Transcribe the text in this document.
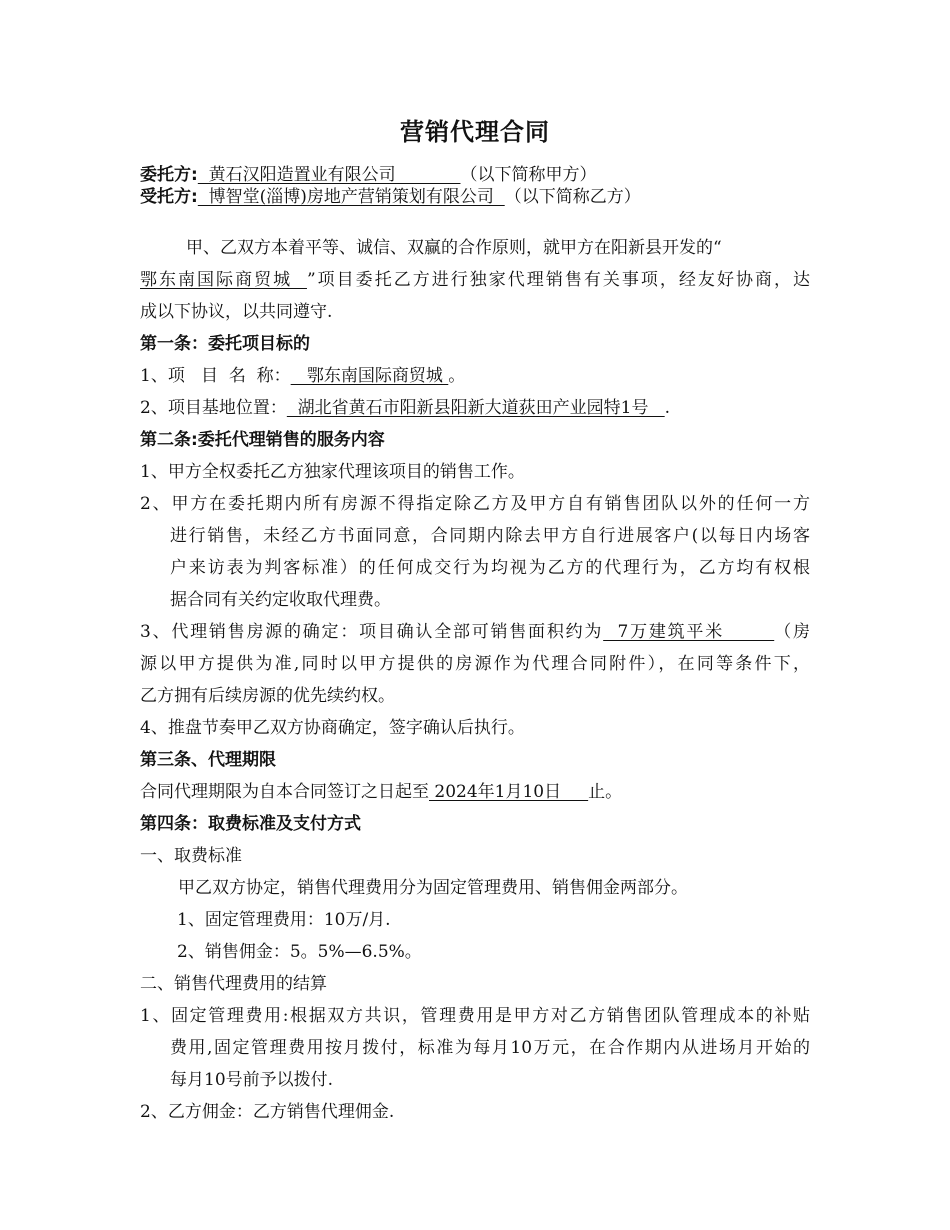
营销代理合同
委托方:  黄石汉阳造置业有限公司            （以下简称甲方）
受托方:  博智堂(淄博)房地产营销策划有限公司  （以下简称乙方）
甲、乙双方本着平等、诚信、双赢的合作原则，就甲方在阳新县开发的“
鄂东南国际商贸城  ”项目委托乙方进行独家代理销售有关事项，经友好协商，达
成以下协议，以共同遵守.
第一条：委托项目标的
1、项   目  名  称：   鄂东南国际商贸城 。
2、项目基地位置：  湖北省黄石市阳新县阳新大道荻田产业园特1号   .
第二条:委托代理销售的服务内容
1、甲方全权委托乙方独家代理该项目的销售工作。
2、甲方在委托期内所有房源不得指定除乙方及甲方自有销售团队以外的任何一方
进行销售，未经乙方书面同意，合同期内除去甲方自行进展客户(以每日内场客
户来访表为判客标准）的任何成交行为均视为乙方的代理行为，乙方均有权根
据合同有关约定收取代理费。
3、代理销售房源的确定：项目确认全部可销售面积约为  7万建筑平米       （房
源以甲方提供为准,同时以甲方提供的房源作为代理合同附件），在同等条件下，
乙方拥有后续房源的优先续约权。
4、推盘节奏甲乙双方协商确定，签字确认后执行。
第三条、代理期限
合同代理期限为自本合同签订之日起至 2024年1月10日     止。
第四条：取费标准及支付方式
一、取费标准
甲乙双方协定，销售代理费用分为固定管理费用、销售佣金两部分。
1、固定管理费用：10万/月.
2、销售佣金：5。5%—6.5%。
二、销售代理费用的结算
1、固定管理费用:根据双方共识，管理费用是甲方对乙方销售团队管理成本的补贴
费用,固定管理费用按月拨付，标准为每月10万元，在合作期内从进场月开始的
每月10号前予以拨付.
2、乙方佣金：乙方销售代理佣金.
